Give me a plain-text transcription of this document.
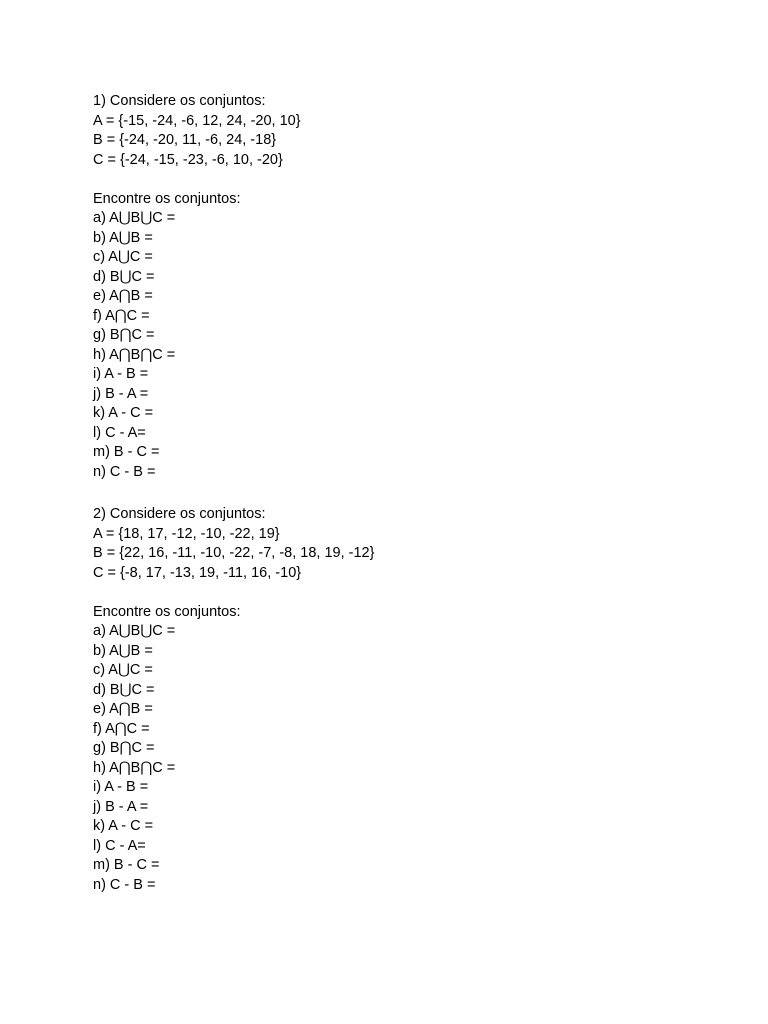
1) Considere os conjuntos:
A = {-15, -24, -6, 12, 24, -20, 10}
B = {-24, -20, 11, -6, 24, -18}
C = {-24, -15, -23, -6, 10, -20}
Encontre os conjuntos:
a) A⋃B⋃C =
b) A⋃B =
c) A⋃C =
d) B⋃C =
e) A⋂B =
f) A⋂C =
g) B⋂C =
h) A⋂B⋂C =
i) A - B =
j) B - A =
k) A - C =
l) C - A=
m) B - C =
n) C - B =
2) Considere os conjuntos:
A = {18, 17, -12, -10, -22, 19}
B = {22, 16, -11, -10, -22, -7, -8, 18, 19, -12}
C = {-8, 17, -13, 19, -11, 16, -10}
Encontre os conjuntos:
a) A⋃B⋃C =
b) A⋃B =
c) A⋃C =
d) B⋃C =
e) A⋂B =
f) A⋂C =
g) B⋂C =
h) A⋂B⋂C =
i) A - B =
j) B - A =
k) A - C =
l) C - A=
m) B - C =
n) C - B =
